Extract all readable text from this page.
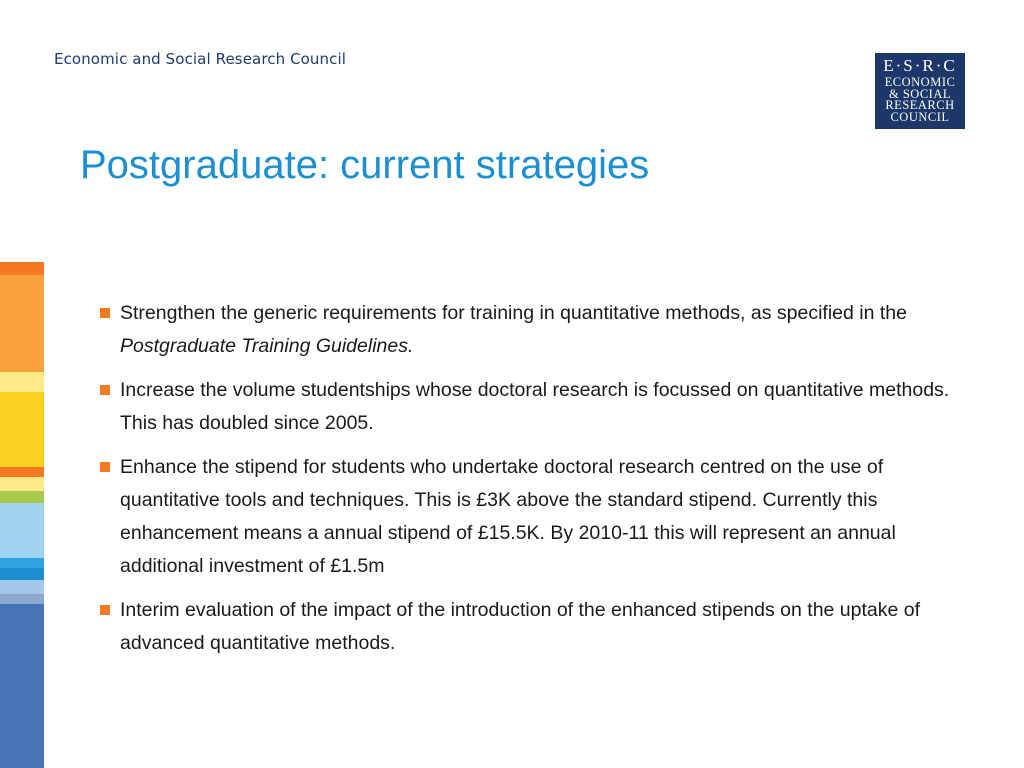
Economic and Social Research Council	E·S·R·C
ECONOMIC
& SOCIAL
RESEARCH
COUNCIL
Postgraduate: current strategies
Strengthen the generic requirements for training in quantitative methods, as specified in the Postgraduate Training Guidelines.
Increase the volume studentships whose doctoral research is focussed on quantitative methods. This has doubled since 2005.
Enhance the stipend for students who undertake doctoral research centred on the use of quantitative tools and techniques. This is £3K above the standard stipend. Currently this enhancement means a annual stipend of £15.5K. By 2010-11 this will represent an annual additional investment of £1.5m
Interim evaluation of the impact of the introduction of the enhanced stipends on the uptake of advanced quantitative methods.
